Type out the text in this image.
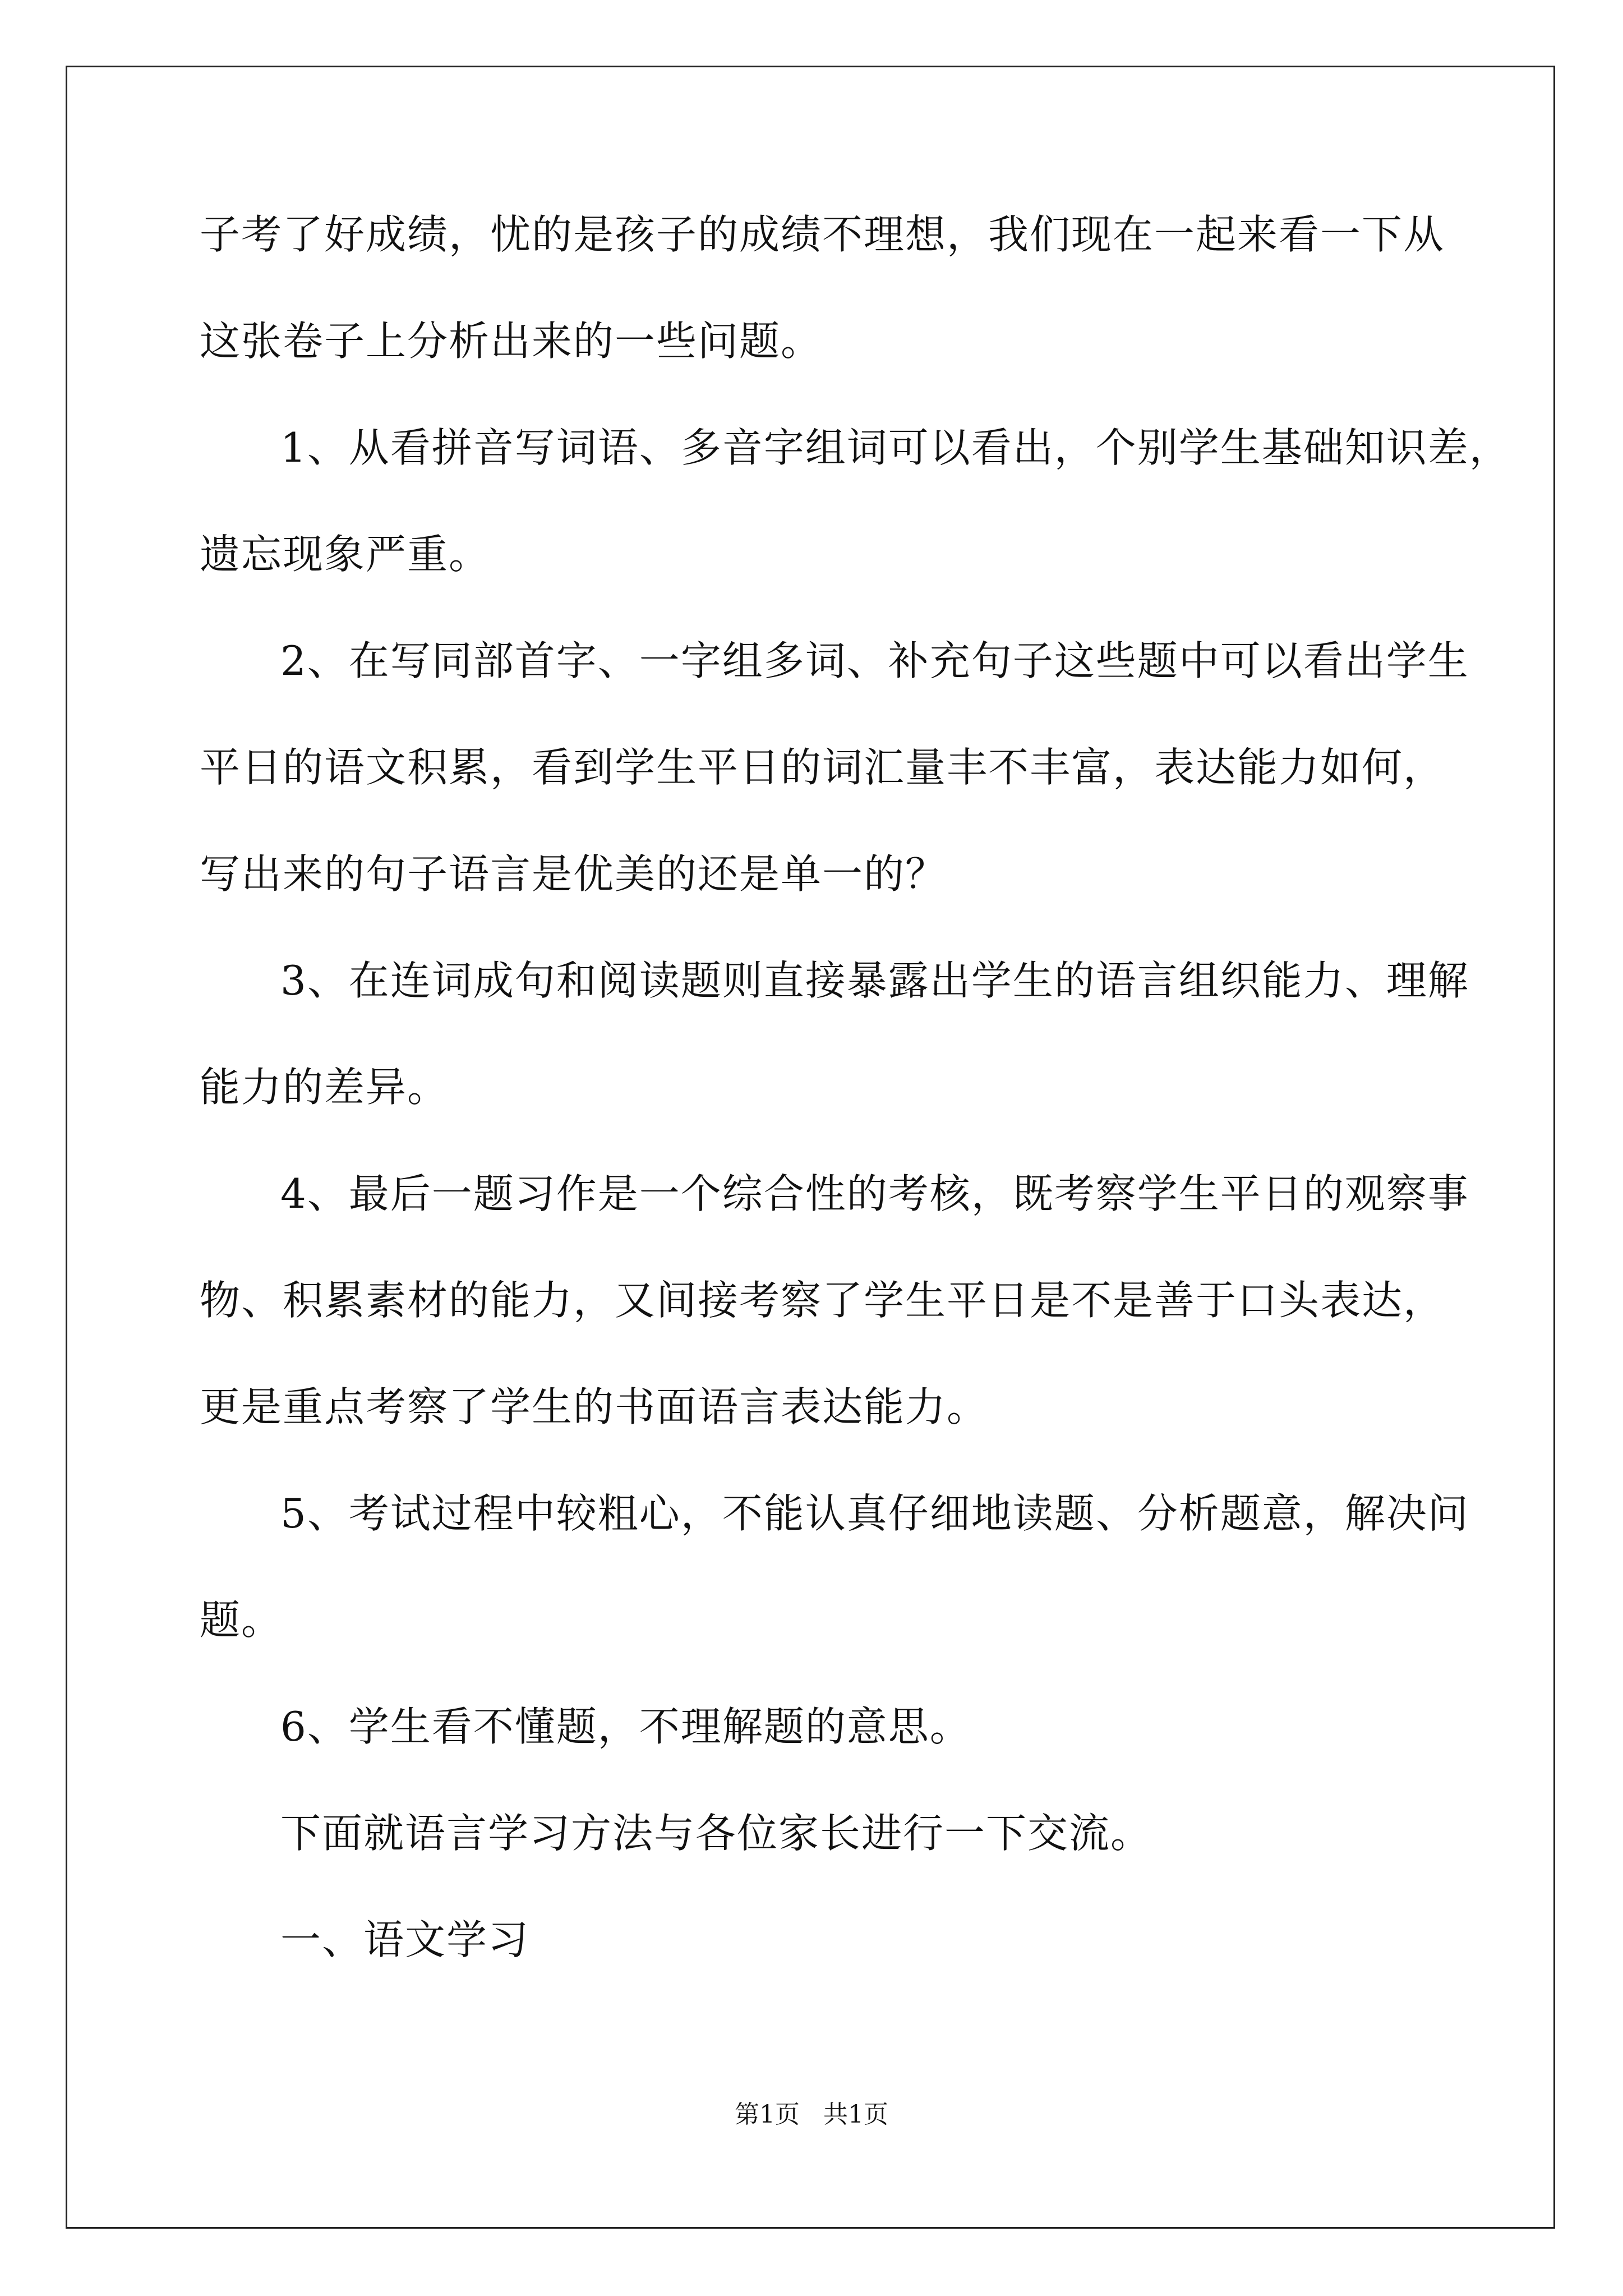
子考了好成绩，忧的是孩子的成绩不理想，我们现在一起来看一下从
这张卷子上分析出来的一些问题。
1、从看拼音写词语、多音字组词可以看出，个别学生基础知识差，
遗忘现象严重。
2、在写同部首字、一字组多词、补充句子这些题中可以看出学生
平日的语文积累，看到学生平日的词汇量丰不丰富，表达能力如何，
写出来的句子语言是优美的还是单一的？
3、在连词成句和阅读题则直接暴露出学生的语言组织能力、理解
能力的差异。
4、最后一题习作是一个综合性的考核，既考察学生平日的观察事
物、积累素材的能力，又间接考察了学生平日是不是善于口头表达，
更是重点考察了学生的书面语言表达能力。
5、考试过程中较粗心，不能认真仔细地读题、分析题意，解决问
题。
6、学生看不懂题，不理解题的意思。
下面就语言学习方法与各位家长进行一下交流。
一、语文学习
第1页   共1页
